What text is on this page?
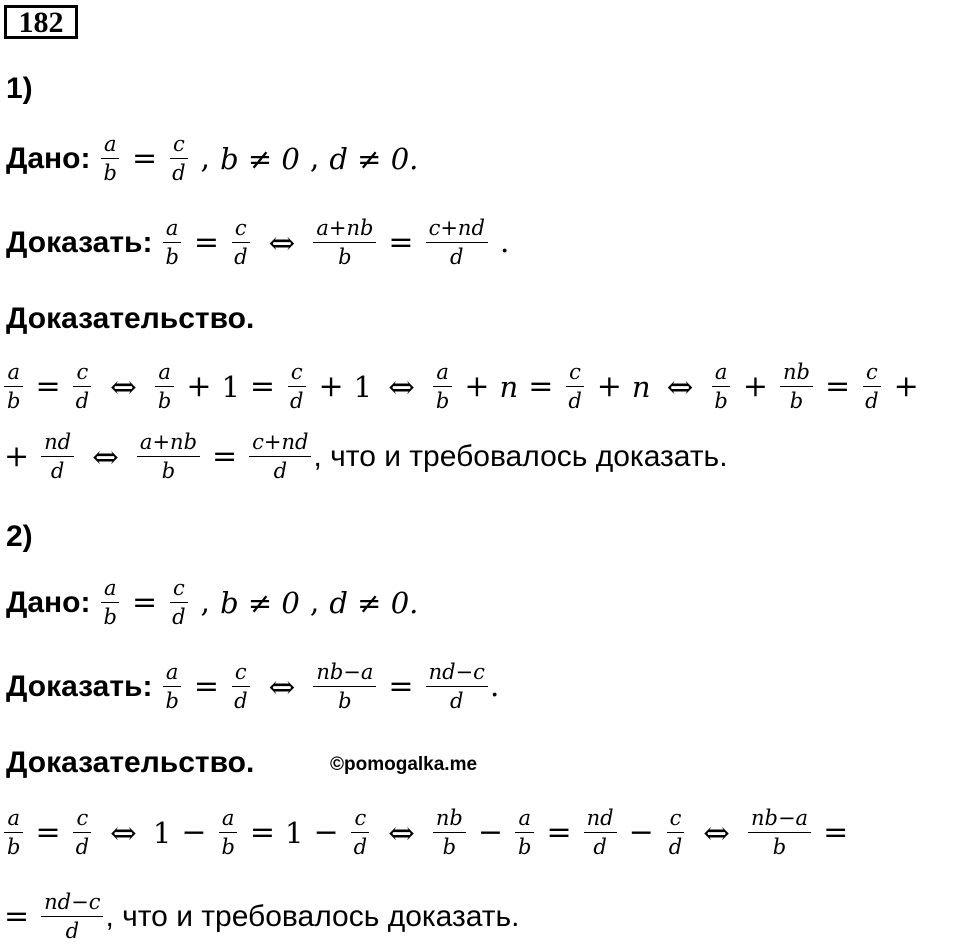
182
1)
Дано: $\frac{a}{b} = \frac{c}{d}$ , b ≠ 0 , d ≠ 0.
Доказать: $\frac{a}{b} = \frac{c}{d}$ ⇔ $\frac{a+nb}{b} = \frac{c+nd}{d}$ .
Доказательство.
$\frac{a}{b} = \frac{c}{d}$ ⇔ $\frac{a}{b} + 1 = \frac{c}{d} + 1$ ⇔ $\frac{a}{b} + n = \frac{c}{d} + n$ ⇔ $\frac{a}{b} + \frac{nb}{b} = \frac{c}{d}$ +
+ $\frac{nd}{d}$ ⇔ $\frac{a+nb}{b} = \frac{c+nd}{d}$ , что и требовалось доказать.
2)
Дано: $\frac{a}{b} = \frac{c}{d}$ , b ≠ 0 , d ≠ 0.
Доказать: $\frac{a}{b} = \frac{c}{d}$ ⇔ $\frac{nb-a}{b} = \frac{nd-c}{d}$ .
Доказательство.	©pomogalka.me
$\frac{a}{b} = \frac{c}{d}$ ⇔ $1 - \frac{a}{b} = 1 - \frac{c}{d}$ ⇔ $\frac{nb}{b} - \frac{a}{b} = \frac{nd}{d} - \frac{c}{d}$ ⇔ $\frac{nb-a}{b}$ =
= $\frac{nd-c}{d}$ , что и требовалось доказать.
